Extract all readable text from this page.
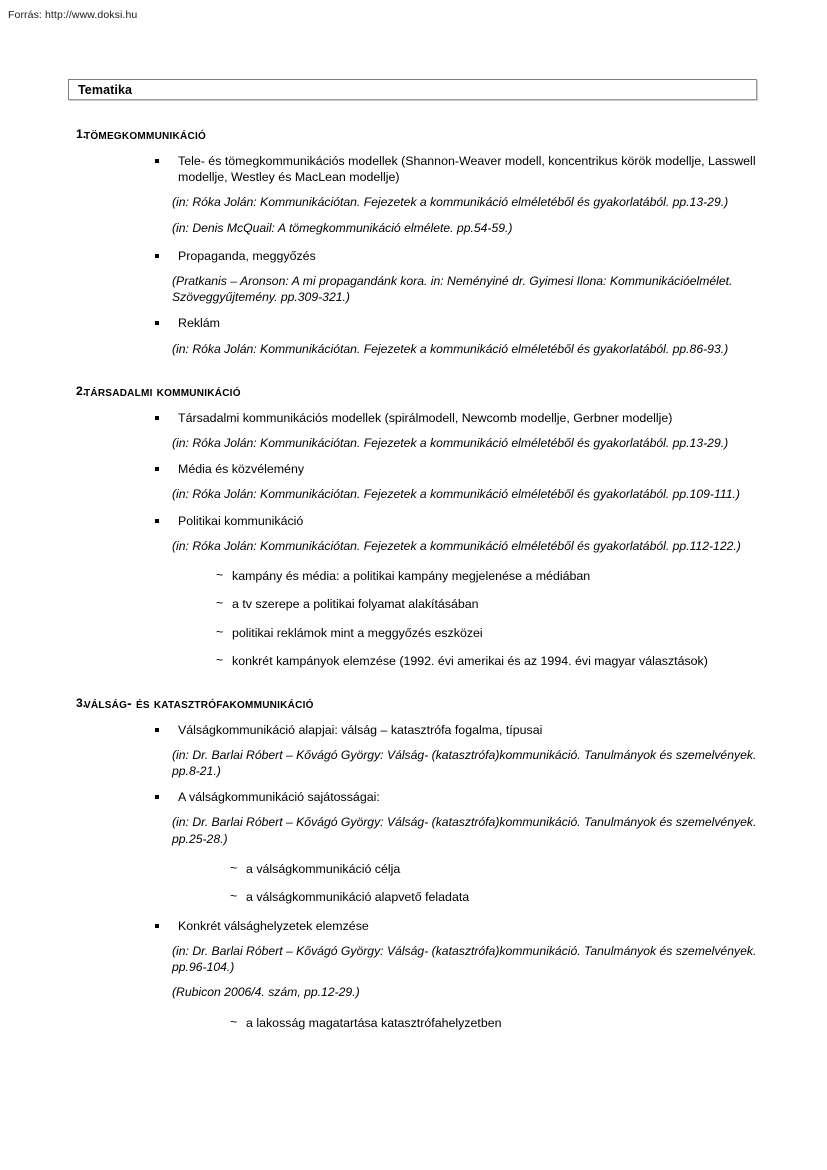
Forrás: http://www.doksi.hu
Tematika
1.
tömegkommunikáció
Tele- és tömegkommunikációs modellek (Shannon-Weaver modell, koncentrikus körök modellje, Lasswell modellje, Westley és MacLean modellje)
(in: Róka Jolán: Kommunikációtan. Fejezetek a kommunikáció elméletéből és gyakorlatából. pp.13-29.)
(in: Denis McQuail: A tömegkommunikáció elmélete. pp.54-59.)
Propaganda, meggyőzés
(Pratkanis – Aronson: A mi propagandánk kora. in: Neményiné dr. Gyimesi Ilona: Kommunikációelmélet. Szöveggyűjtemény. pp.309-321.)
Reklám
(in: Róka Jolán: Kommunikációtan. Fejezetek a kommunikáció elméletéből és gyakorlatából. pp.86-93.)
2.
társadalmi kommunikáció
Társadalmi kommunikációs modellek (spirálmodell, Newcomb modellje, Gerbner modellje)
(in: Róka Jolán: Kommunikációtan. Fejezetek a kommunikáció elméletéből és gyakorlatából. pp.13-29.)
Média és közvélemény
(in: Róka Jolán: Kommunikációtan. Fejezetek a kommunikáció elméletéből és gyakorlatából. pp.109-111.)
Politikai kommunikáció
(in: Róka Jolán: Kommunikációtan. Fejezetek a kommunikáció elméletéből és gyakorlatából. pp.112-122.)
~ kampány és média: a politikai kampány megjelenése a médiában
~ a tv szerepe a politikai folyamat alakításában
~ politikai reklámok mint a meggyőzés eszközei
~ konkrét kampányok elemzése (1992. évi amerikai és az 1994. évi magyar választások)
3.
válság- és katasztrófakommunikáció
Válságkommunikáció alapjai: válság – katasztrófa fogalma, típusai
(in: Dr. Barlai Róbert – Kővágó György: Válság- (katasztrófa)kommunikáció. Tanulmányok és szemelvények. pp.8-21.)
A válságkommunikáció sajátosságai:
(in: Dr. Barlai Róbert – Kővágó György: Válság- (katasztrófa)kommunikáció. Tanulmányok és szemelvények. pp.25-28.)
~ a válságkommunikáció célja
~ a válságkommunikáció alapvető feladata
Konkrét válsághelyzetek elemzése
(in: Dr. Barlai Róbert – Kővágó György: Válság- (katasztrófa)kommunikáció. Tanulmányok és szemelvények. pp.96-104.)
(Rubicon 2006/4. szám, pp.12-29.)
~ a lakosság magatartása katasztrófahelyzetben
